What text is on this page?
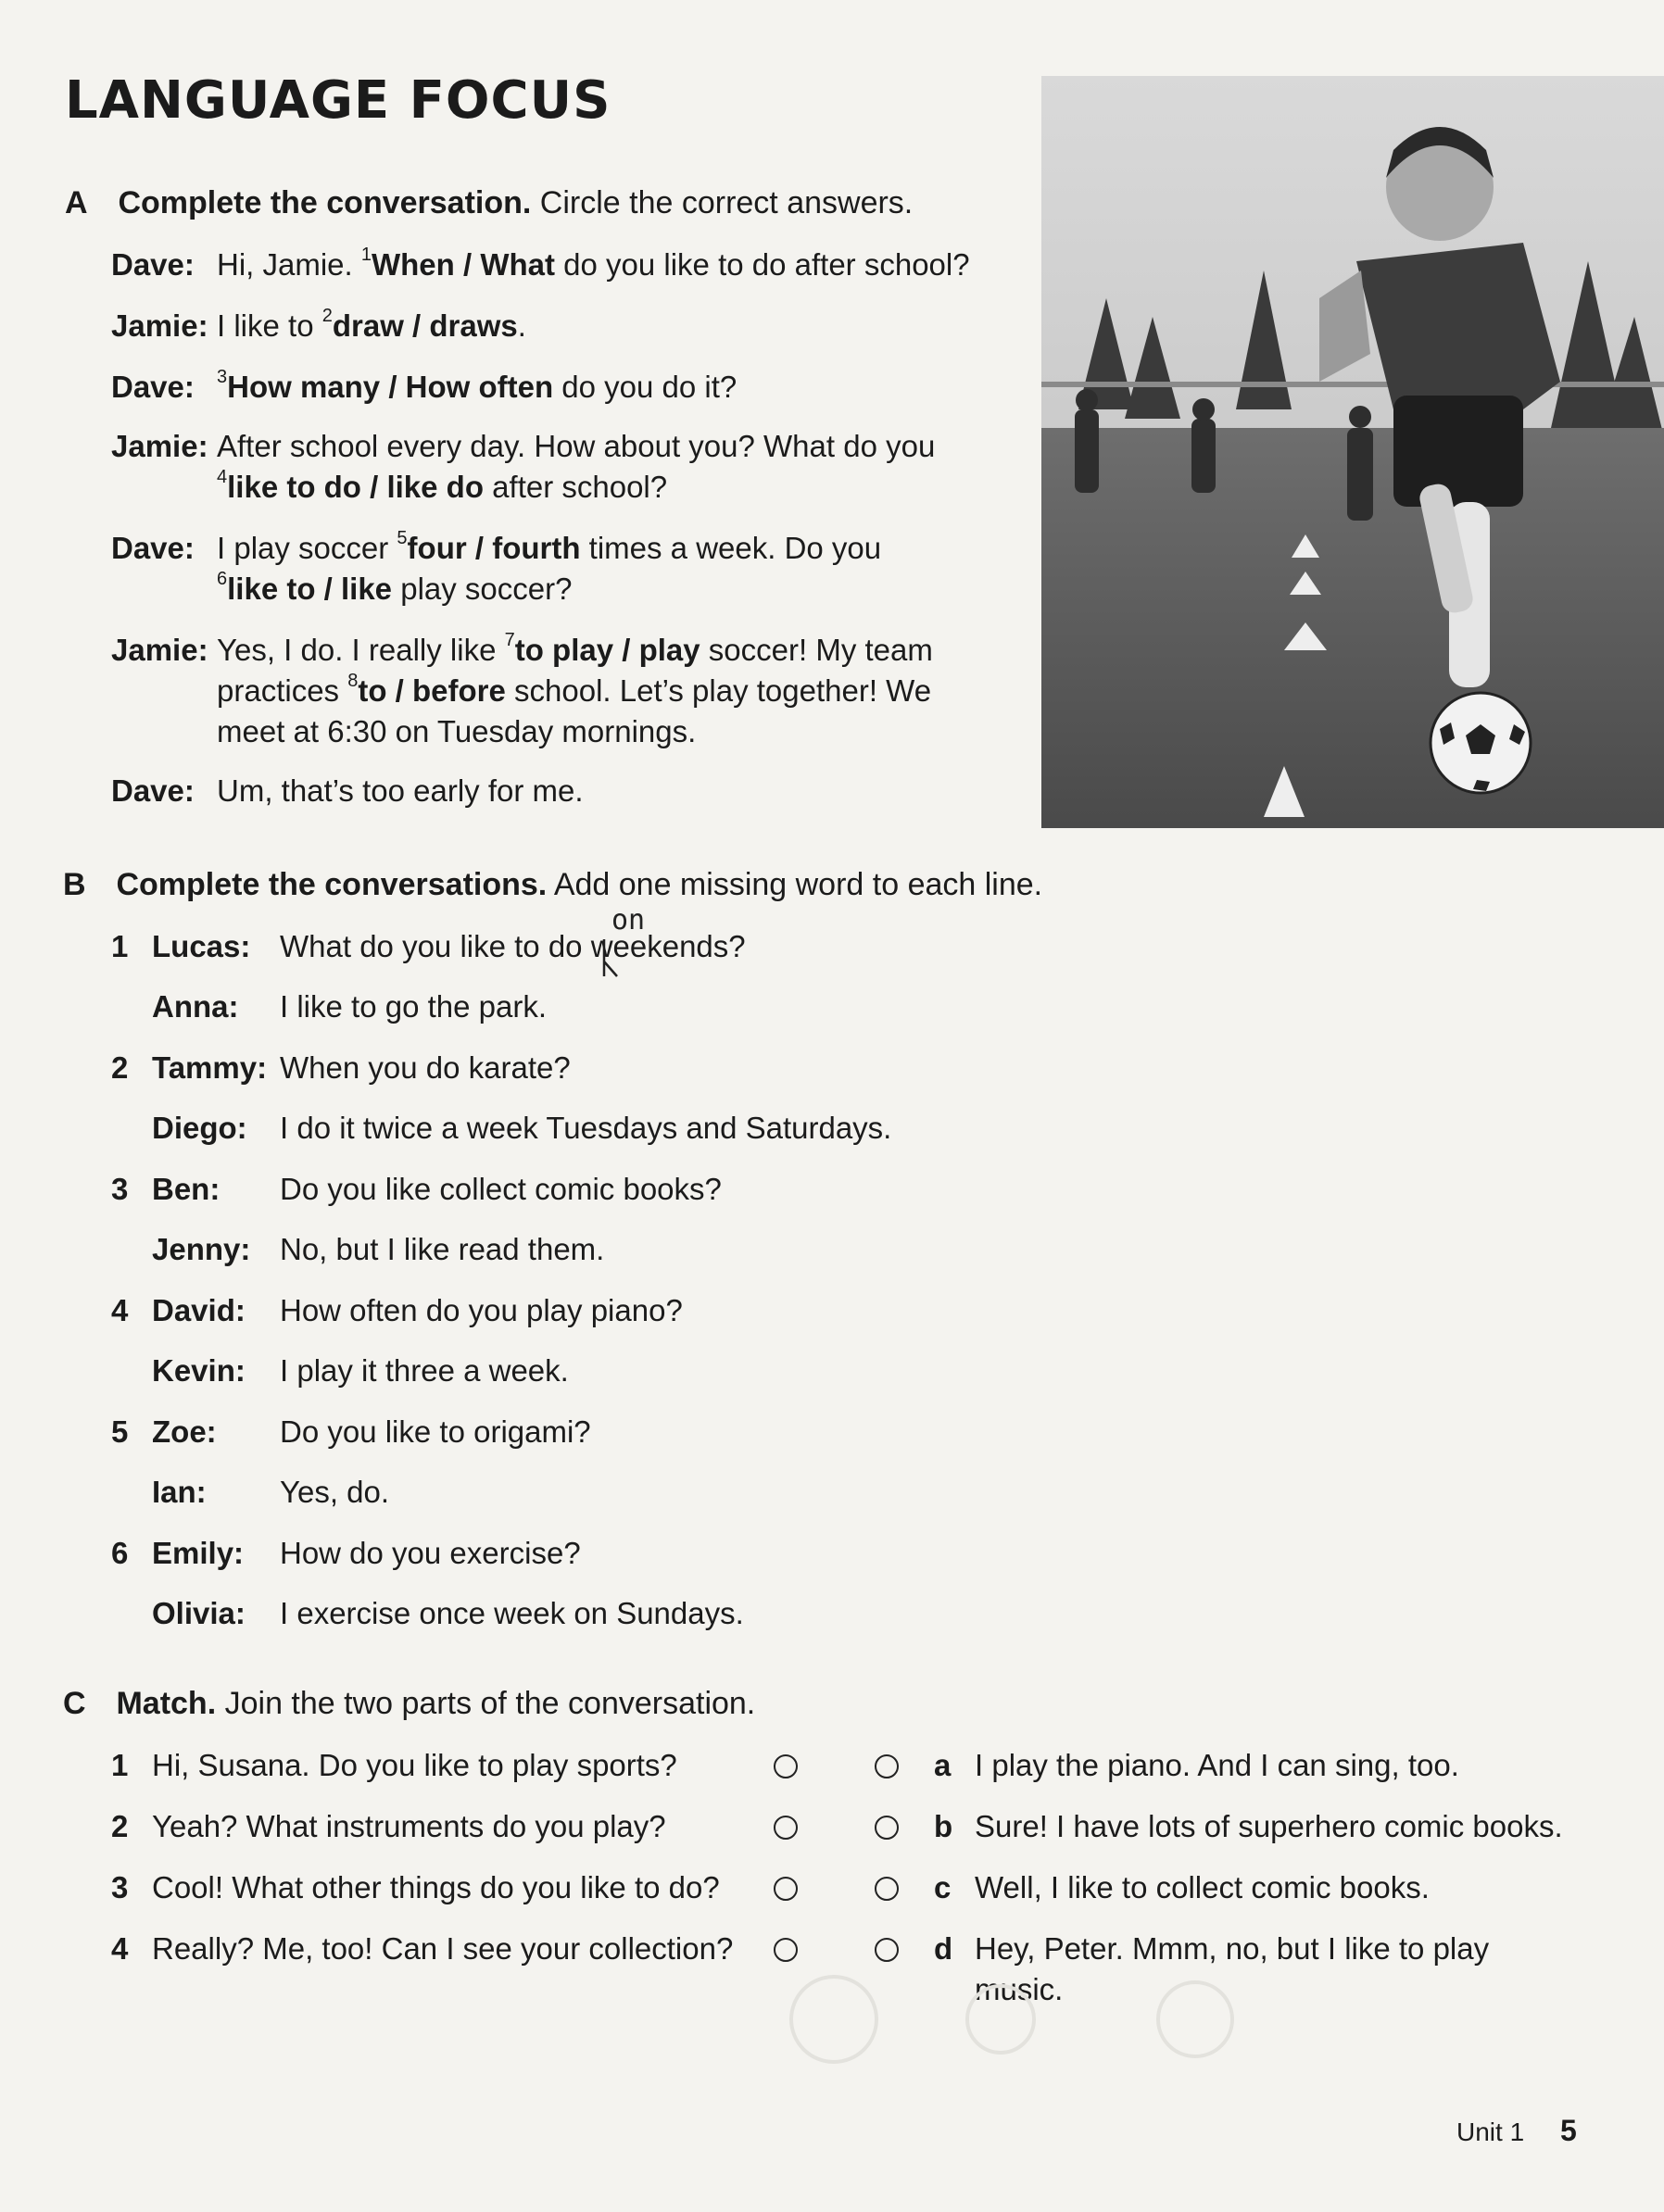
LANGUAGE FOCUS
A Complete the conversation. Circle the correct answers.
Dave: Hi, Jamie. $^1$When / What do you like to do after school?
Jamie: I like to $^2$draw / draws.
Dave: $^3$How many / How often do you do it?
Jamie: After school every day. How about you? What do you
$^4$like to do / like do after school?
Dave: I play soccer $^5$four / fourth times a week. Do you
$^6$like to / like play soccer?
Jamie: Yes, I do. I really like $^7$to play / play soccer! My team
practices $^8$to / before school. Let’s play together! We
meet at 6:30 on Tuesday mornings.
Dave: Um, that’s too early for me.
B Complete the conversations. Add one missing word to each line.
on
1 Lucas: What do you like to do weekends?
Anna: I like to go the park.
2 Tammy: When you do karate?
Diego: I do it twice a week Tuesdays and Saturdays.
3 Ben: Do you like collect comic books?
Jenny: No, but I like read them.
4 David: How often do you play piano?
Kevin: I play it three a week.
5 Zoe: Do you like to origami?
Ian: Yes, do.
6 Emily: How do you exercise?
Olivia: I exercise once week on Sundays.
C Match. Join the two parts of the conversation.
1 Hi, Susana. Do you like to play sports?
2 Yeah? What instruments do you play?
3 Cool! What other things do you like to do?
4 Really? Me, too! Can I see your collection?
a I play the piano. And I can sing, too.
b Sure! I have lots of superhero comic books.
c Well, I like to collect comic books.
d Hey, Peter. Mmm, no, but I like to play
music.
Unit 1 5
